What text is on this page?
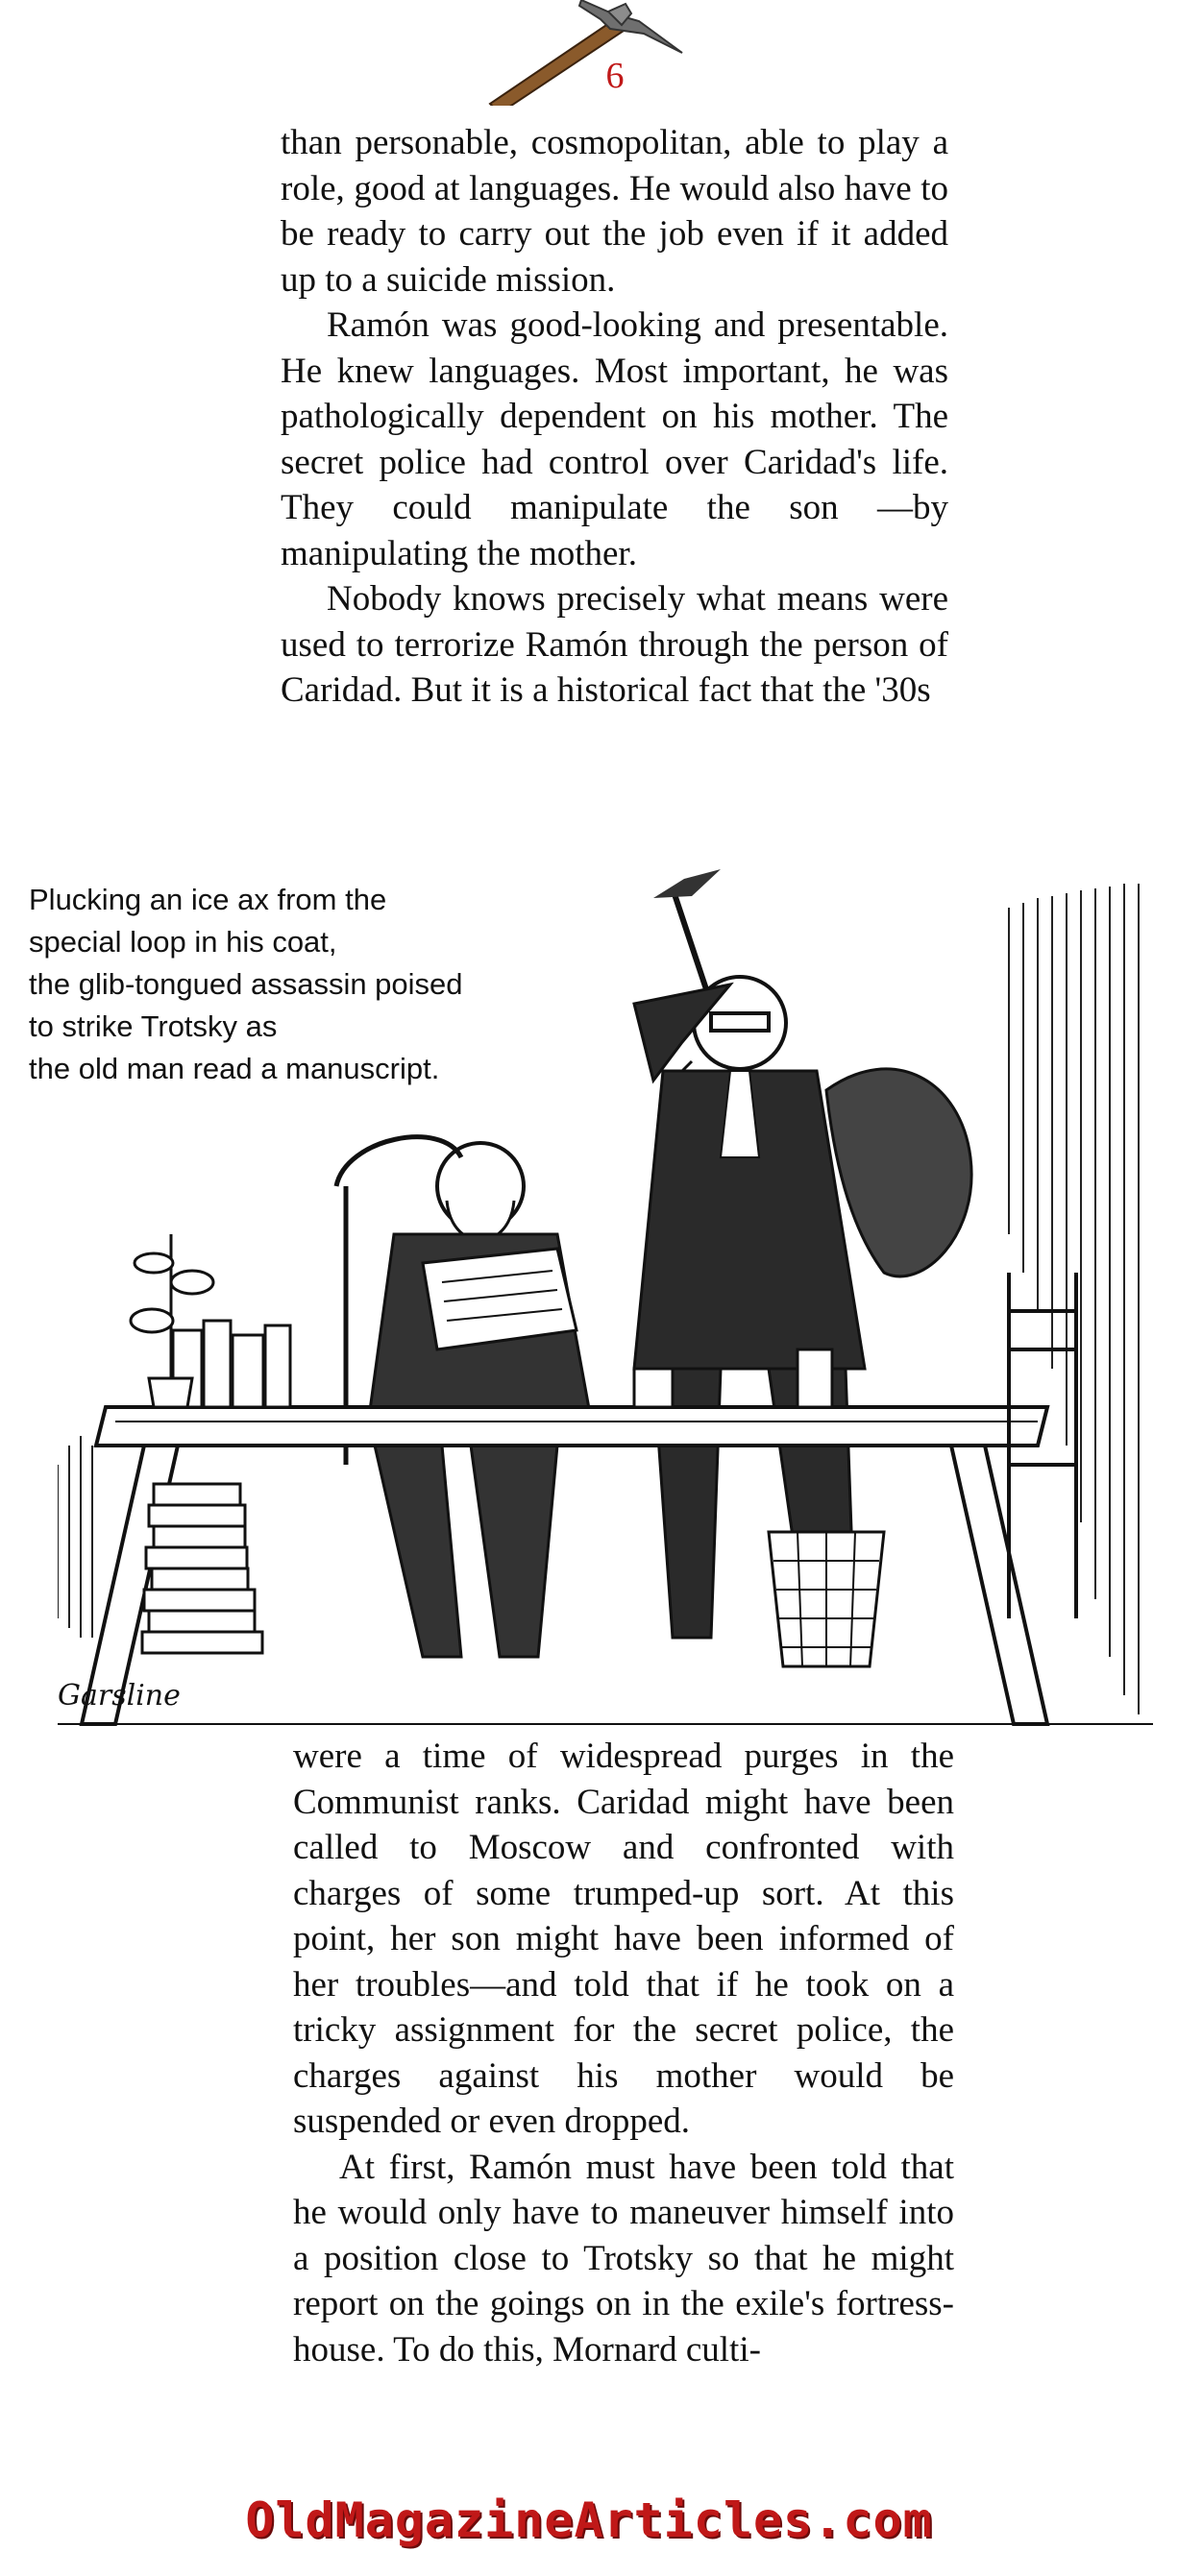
6

than personable, cosmopolitan, able to play a role, good at languages. He would also have to be ready to carry out the job even if it added up to a suicide mission.

Ramón was good-looking and presentable. He knew languages. Most important, he was pathologically dependent on his mother. The secret police had control over Caridad's life. They could manipulate the son —by manipulating the mother.

Nobody knows precisely what means were used to terrorize Ramón through the person of Caridad. But it is a historical fact that the '30s

Plucking an ice ax from the

special loop in his coat,

the glib-tongued assassin poised

to strike Trotsky as

the old man read a manuscript.

Garsline

were a time of widespread purges in the Communist ranks. Caridad might have been called to Moscow and confronted with charges of some trumped-up sort. At this point, her son might have been informed of her troubles—and told that if he took on a tricky assignment for the secret police, the charges against his mother would be suspended or even dropped.

At first, Ramón must have been told that he would only have to maneuver himself into a position close to Trotsky so that he might report on the goings on in the exile's fortress-house. To do this, Mornard culti-

OldMagazineArticles.com
